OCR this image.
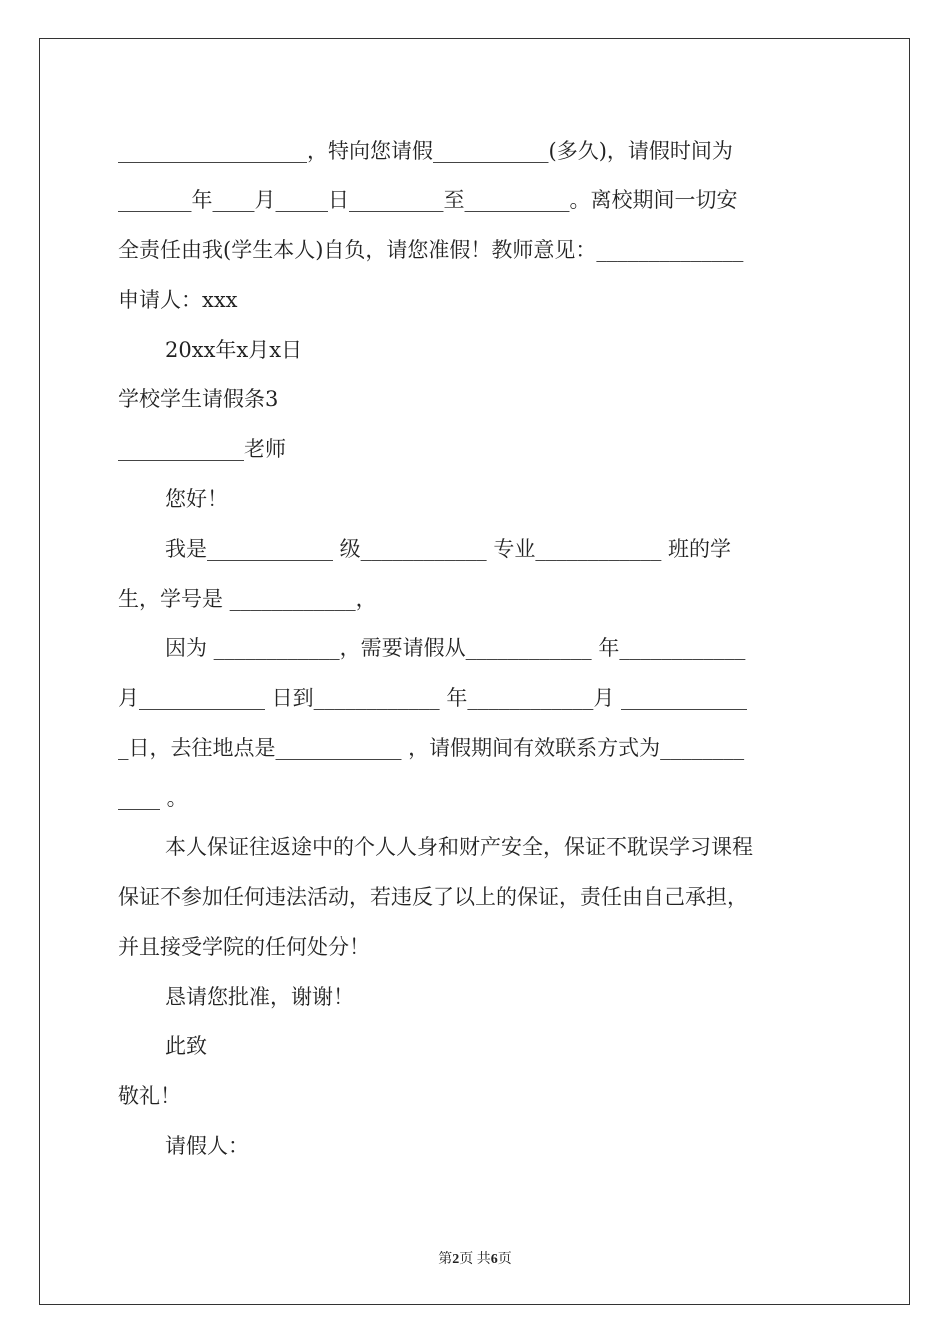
__________________，特向您请假___________(多久)，请假时间为
_______年____月_____日_________至__________。离校期间一切安
全责任由我(学生本人)自负，请您准假！教师意见：______________
申请人：xxx
20xx年x月x日
学校学生请假条3
____________老师
您好！
我是____________ 级____________ 专业____________ 班的学
生，学号是 ____________，
因为 ____________，需要请假从____________ 年____________
月____________ 日到____________ 年____________月 ____________
_日，去往地点是____________ ，请假期间有效联系方式为________
____ 。
本人保证往返途中的个人人身和财产安全，保证不耽误学习课程
保证不参加任何违法活动，若违反了以上的保证，责任由自己承担，
并且接受学院的任何处分！
恳请您批准，谢谢！
此致
敬礼！
请假人：
第2页 共6页
